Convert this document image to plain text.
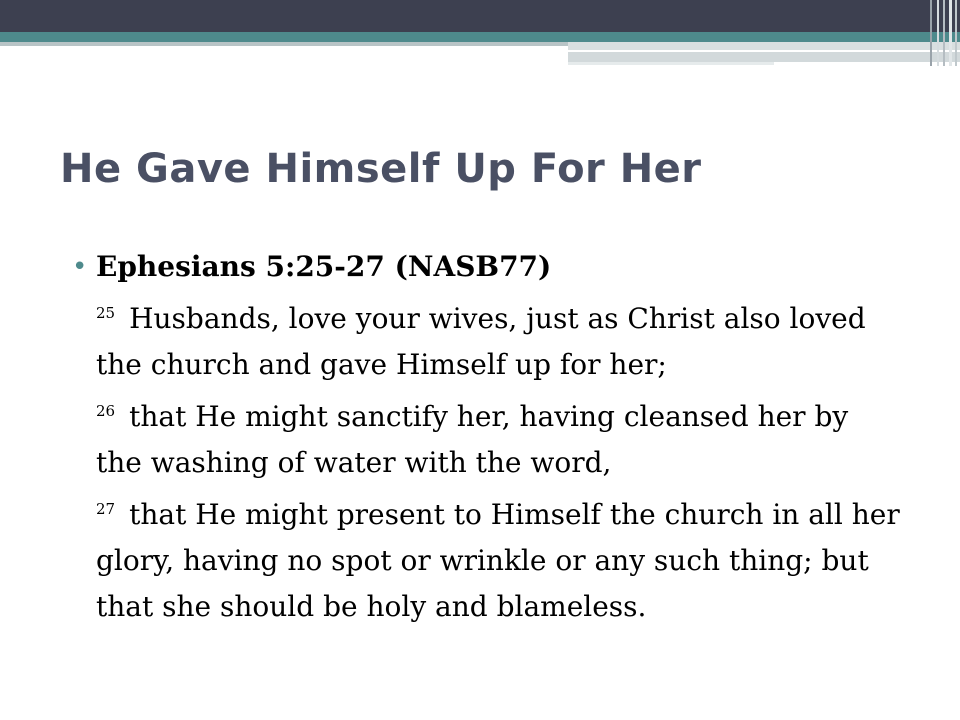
He Gave Himself Up For Her
• Ephesians 5:25-27 (NASB77)
$^{25}$ Husbands, love your wives, just as Christ also loved the church and gave Himself up for her;
$^{26}$ that He might sanctify her, having cleansed her by the washing of water with the word,
$^{27}$ that He might present to Himself the church in all her glory, having no spot or wrinkle or any such thing; but that she should be holy and blameless.
